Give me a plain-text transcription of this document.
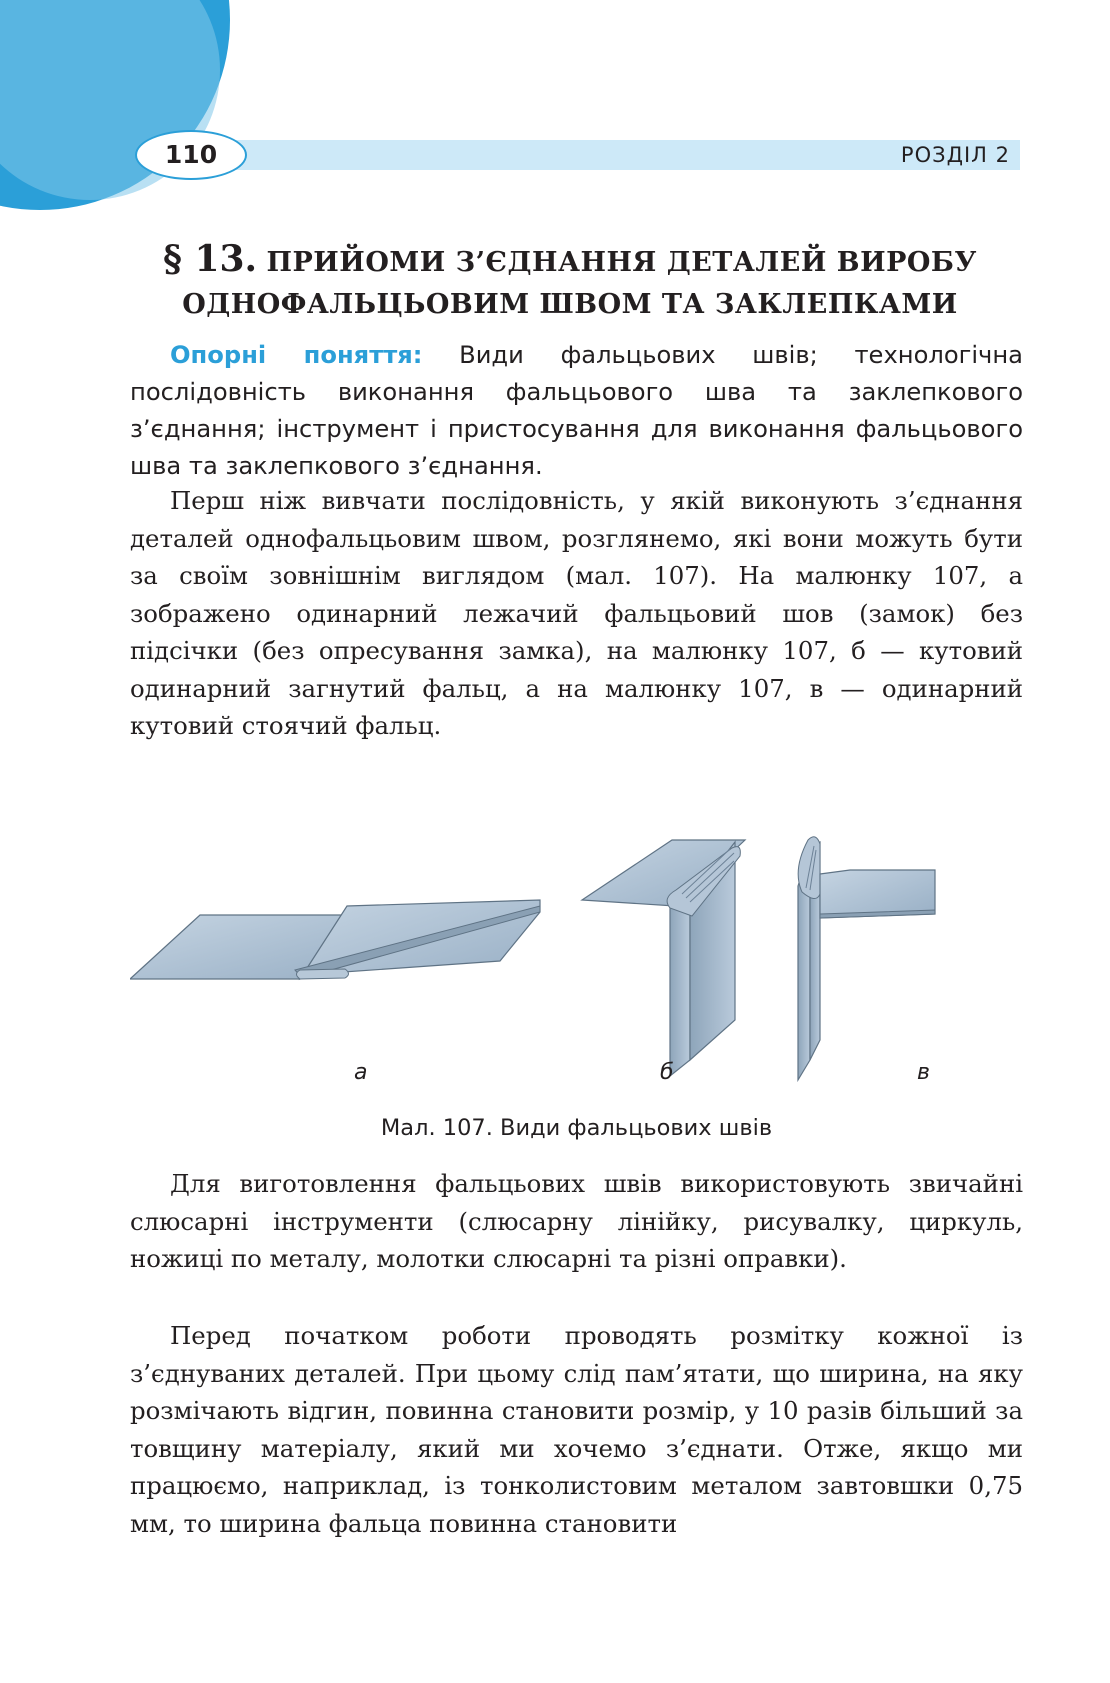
110	РОЗДІЛ 2
§ 13. ПРИЙОМИ З’ЄДНАННЯ ДЕТАЛЕЙ ВИРОБУ ОДНОФАЛЬЦЬОВИМ ШВОМ ТА ЗАКЛЕПКАМИ
Опорні поняття: Види фальцьових швів; технологічна послідовність виконання фальцьового шва та заклепкового з’єднання; інструмент і пристосування для виконання фальцьового шва та заклепкового з’єднання.

Перш ніж вивчати послідовність, у якій виконують з’єднання деталей однофальцьовим швом, розглянемо, які вони можуть бути за своїм зовнішнім виглядом (мал. 107). На малюнку 107, а зображено одинарний лежачий фальцьовий шов (замок) без підсічки (без опресування замка), на малюнку 107, б — кутовий одинарний загнутий фальц, а на малюнку 107, в — одинарний кутовий стоячий фальц.

а	б	в
Мал. 107. Види фальцьових швів

Для виготовлення фальцьових швів використовують звичайні слюсарні інструменти (слюсарну лінійку, рисувалку, циркуль, ножиці по металу, молотки слюсарні та різні оправки).

Перед початком роботи проводять розмітку кожної із з’єднуваних деталей. При цьому слід пам’ятати, що ширина, на яку розмічають відгин, повинна становити розмір, у 10 разів більший за товщину матеріалу, який ми хочемо з’єднати. Отже, якщо ми працюємо, наприклад, із тонколистовим металом завтовшки 0,75 мм, то ширина фальца повинна становити
